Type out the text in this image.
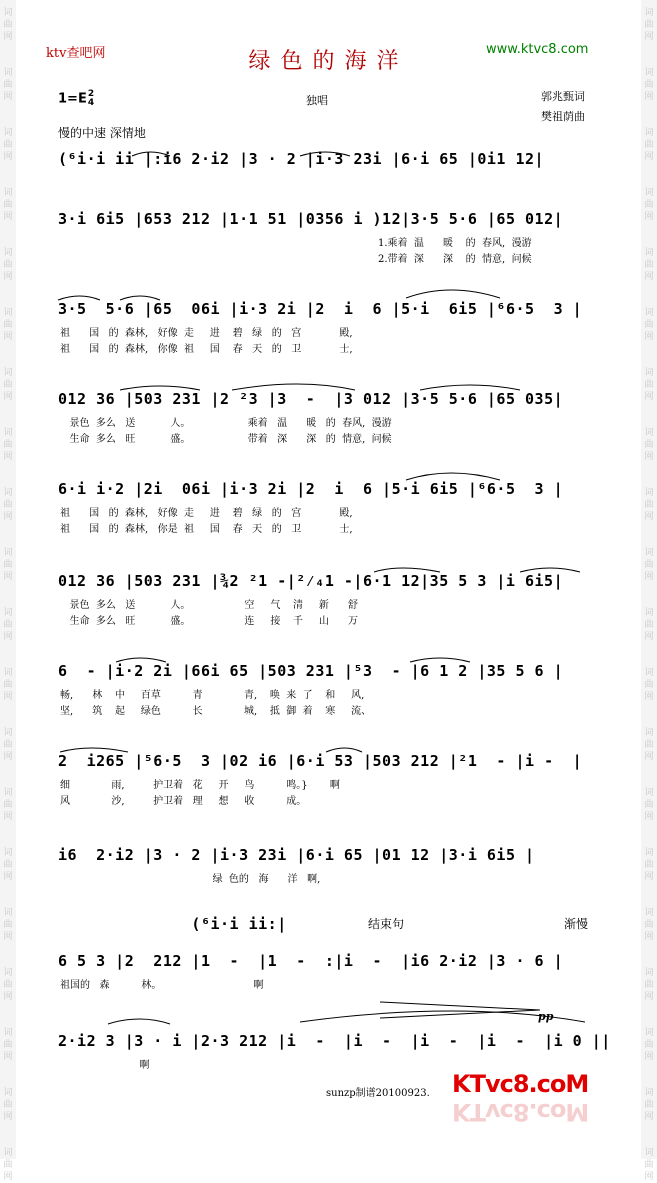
词
曲
网
词
曲
网
词
曲
网
词
曲
网
词
曲
网
词
曲
网
词
曲
网
词
曲
网
词
曲
网
词
曲
网
词
曲
网
词
曲
网
词
曲
网
词
曲
网
词
曲
网
词
曲
网
词
曲
网
词
曲
网
词
曲
网
词
曲
网
词
曲
网
词
曲
网
词
曲
网
词
曲
网
词
曲
网
词
曲
网
词
曲
网
词
曲
网
词
曲
网
词
曲
网
词
曲
网
词
曲
网
词
曲
网
词
曲
网
词
曲
网
词
曲
网
词
曲
网
词
曲
网
词
曲
网
词
曲
网
ktv查吧网	绿色的海洋	www.ktvc8.com
1=E2
4	独唱	郭兆甄词
樊祖荫曲
慢的中速 深情地
(⁶i·i ii |:i6 2·i2 |3 · 2 |i·3 23i |6·i 65 |0i1 12|
3·i 6i5 |653 212 |1·1 51 |0356 i )12|3·5 5·6 |65 012|
1.乘着  温      暖    的  春风,  漫游
2.带着  深      深    的  情意,  问候
3·5  5·6 |65  06i |i·3 2i |2  i  6 |5·i  6i5 |⁶6·5  3 |
祖      国   的  森林,   好像  走     进    碧   绿   的   宫            殿,
祖      国   的  森林,   你像  祖     国    春   天   的   卫            士,
012 36 |503 231 |2 ²3 |3  -  |3 012 |3·5 5·6 |65 035|
景色  多么   送           人。                  乘着   温      暖   的  春风,  漫游
生命  多么   旺           盛。                  带着   深      深   的  情意,  问候
6·i i·2 |2i  06i |i·3 2i |2  i  6 |5·i 6i5 |⁶6·5  3 |
祖      国   的  森林,   好像  走     进    碧   绿   的   宫            殿,
祖      国   的  森林,   你是  祖     国    春   天   的   卫            士,
012 36 |503 231 |¾2 ²1 -|²⁄₄1 -|6·1 12|35 5 3 |i 6i5|
景色  多么   送           人。                 空     气    清     新      舒
生命  多么   旺           盛。                 连     接    千     山      万
6  - |i·2 2i |66i 65 |503 231 |⁵3  - |6 1 2 |35 5 6 |
畅,      林    中     百草          青             青,    唤  来  了    和     风,
坚,      筑    起     绿色          长             城,    抵  御  着    寒     流、
2  i265 |⁵6·5  3 |02 i6 |6·i 53 |503 212 |²1  - |i -  |
细             雨,         护卫着   花     开     鸟          鸣。}       啊
风             沙,         护卫着   理     想     收          成。
i6  2·i2 |3 · 2 |i·3 23i |6·i 65 |01 12 |3·i 6i5 |
绿  色的   海      洋   啊,
(⁶i·i ii:|	结束句	渐慢
6 5 3 |2  212 |1  -  |1  -  :|i  -  |i6 2·i2 |3 · 6 |
祖国的   森          林。                             啊
2·i2 3 |3 · i |2·3 212 |i  -  |i  -  |i  -  |i  -  |i 0 ||
啊
pp
sunzp制谱20100923. KTvc8.coM
KTvc8.coM
